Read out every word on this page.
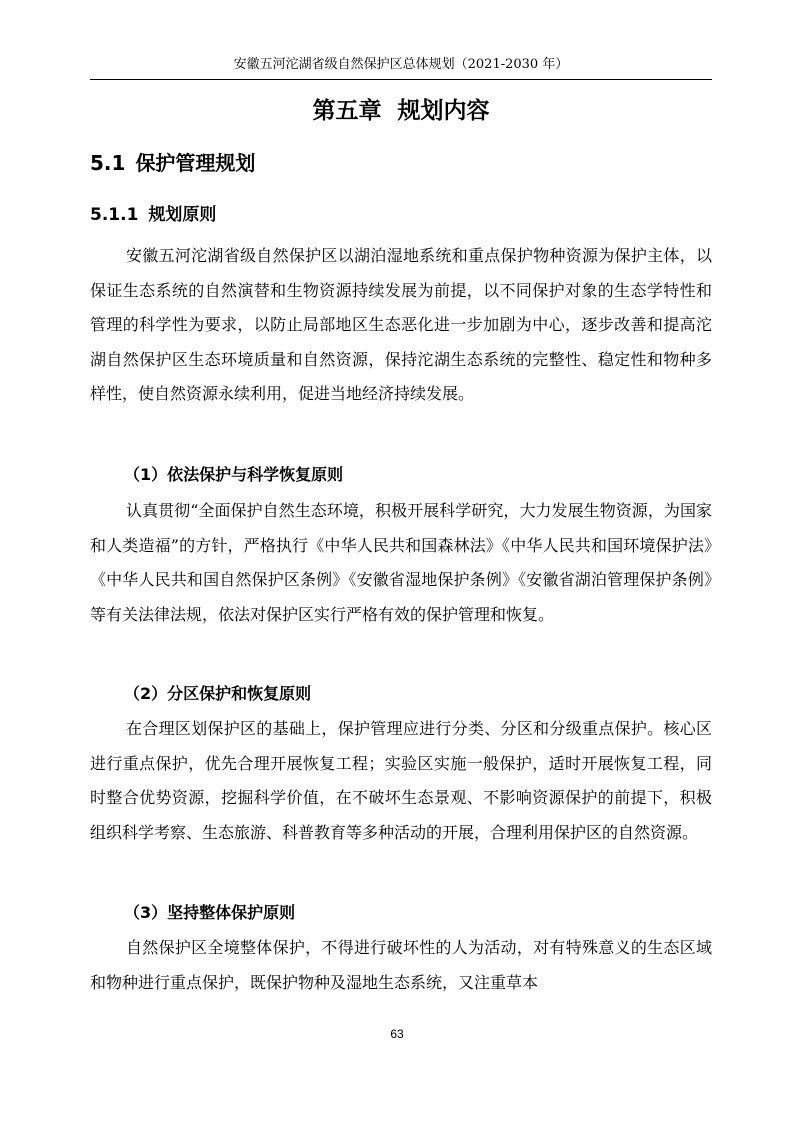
安徽五河沱湖省级自然保护区总体规划（2021-2030 年）
第五章 规划内容
5.1 保护管理规划
5.1.1 规划原则

安徽五河沱湖省级自然保护区以湖泊湿地系统和重点保护物种资源为保护主体，以保证生态系统的自然演替和生物资源持续发展为前提，以不同保护对象的生态学特性和管理的科学性为要求，以防止局部地区生态恶化进一步加剧为中心，逐步改善和提高沱湖自然保护区生态环境质量和自然资源，保持沱湖生态系统的完整性、稳定性和物种多样性，使自然资源永续利用，促进当地经济持续发展。

（1）依法保护与科学恢复原则

认真贯彻“全面保护自然生态环境，积极开展科学研究，大力发展生物资源，为国家和人类造福”的方针，严格执行《中华人民共和国森林法》《中华人民共和国环境保护法》《中华人民共和国自然保护区条例》《安徽省湿地保护条例》《安徽省湖泊管理保护条例》等有关法律法规，依法对保护区实行严格有效的保护管理和恢复。

（2）分区保护和恢复原则

在合理区划保护区的基础上，保护管理应进行分类、分区和分级重点保护。核心区进行重点保护，优先合理开展恢复工程；实验区实施一般保护，适时开展恢复工程，同时整合优势资源，挖掘科学价值，在不破坏生态景观、不影响资源保护的前提下，积极组织科学考察、生态旅游、科普教育等多种活动的开展，合理利用保护区的自然资源。

（3）坚持整体保护原则

自然保护区全境整体保护，不得进行破坏性的人为活动，对有特殊意义的生态区域和物种进行重点保护，既保护物种及湿地生态系统，又注重草本

63
